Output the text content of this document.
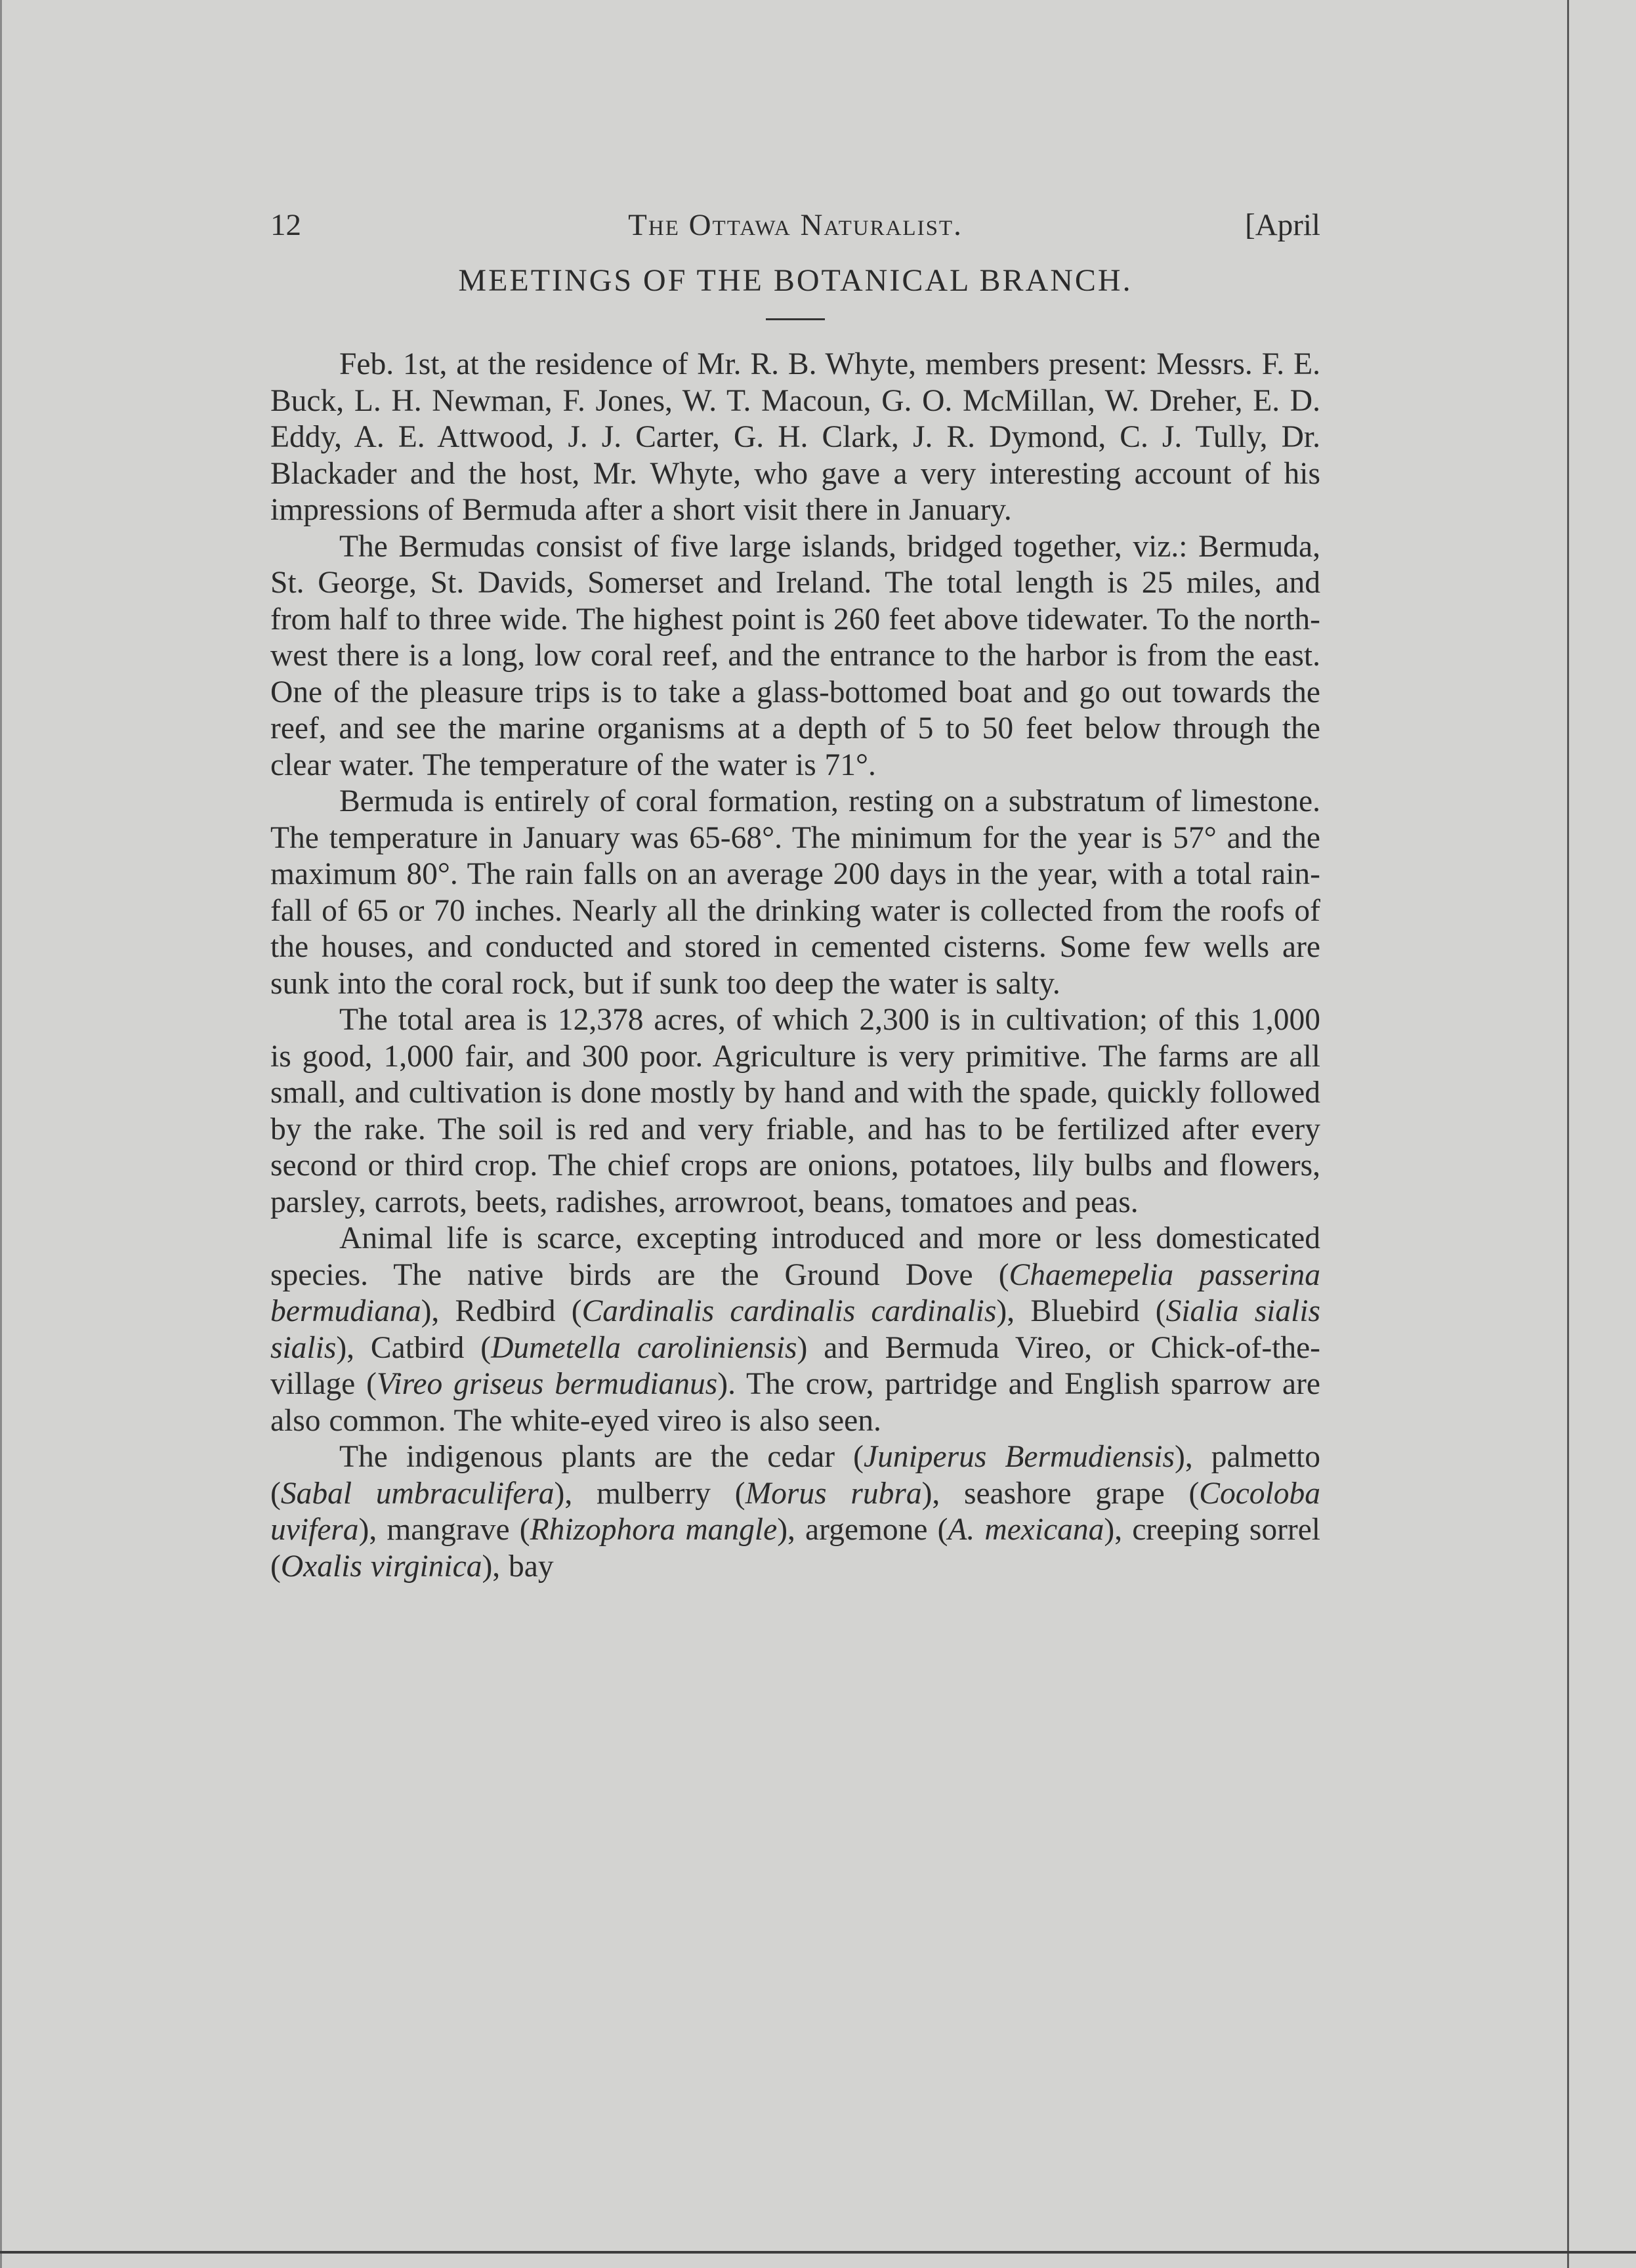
12	The Ottawa Naturalist.	[April
MEETINGS OF THE BOTANICAL BRANCH.

Feb. 1st, at the residence of Mr. R. B. Whyte, members present: Messrs. F. E. Buck, L. H. Newman, F. Jones, W. T. Macoun, G. O. McMillan, W. Dreher, E. D. Eddy, A. E. Attwood, J. J. Carter, G. H. Clark, J. R. Dymond, C. J. Tully, Dr. Blackader and the host, Mr. Whyte, who gave a very interesting account of his impressions of Bermuda after a short visit there in January.

The Bermudas consist of five large islands, bridged together, viz.: Bermuda, St. George, St. Davids, Somerset and Ireland. The total length is 25 miles, and from half to three wide. The highest point is 260 feet above tidewater. To the north-west there is a long, low coral reef, and the entrance to the harbor is from the east. One of the pleasure trips is to take a glass-bottomed boat and go out towards the reef, and see the marine organisms at a depth of 5 to 50 feet below through the clear water. The temperature of the water is 71°.

Bermuda is entirely of coral formation, resting on a substratum of limestone. The temperature in January was 65-68°. The minimum for the year is 57° and the maximum 80°. The rain falls on an average 200 days in the year, with a total rain-fall of 65 or 70 inches. Nearly all the drinking water is collected from the roofs of the houses, and conducted and stored in cemented cisterns. Some few wells are sunk into the coral rock, but if sunk too deep the water is salty.

The total area is 12,378 acres, of which 2,300 is in cultivation; of this 1,000 is good, 1,000 fair, and 300 poor. Agriculture is very primitive. The farms are all small, and cultivation is done mostly by hand and with the spade, quickly followed by the rake. The soil is red and very friable, and has to be fertilized after every second or third crop. The chief crops are onions, potatoes, lily bulbs and flowers, parsley, carrots, beets, radishes, arrowroot, beans, tomatoes and peas.

Animal life is scarce, excepting introduced and more or less domesticated species. The native birds are the Ground Dove (Chaemepelia passerina bermudiana), Redbird (Cardinalis cardinalis cardinalis), Bluebird (Sialia sialis sialis), Catbird (Dumetella caroliniensis) and Bermuda Vireo, or Chick-of-the-village (Vireo griseus bermudianus). The crow, partridge and English sparrow are also common. The white-eyed vireo is also seen.

The indigenous plants are the cedar (Juniperus Bermudiensis), palmetto (Sabal umbraculifera), mulberry (Morus rubra), seashore grape (Cocoloba uvifera), mangrave (Rhizophora mangle), argemone (A. mexicana), creeping sorrel (Oxalis virginica), bay
